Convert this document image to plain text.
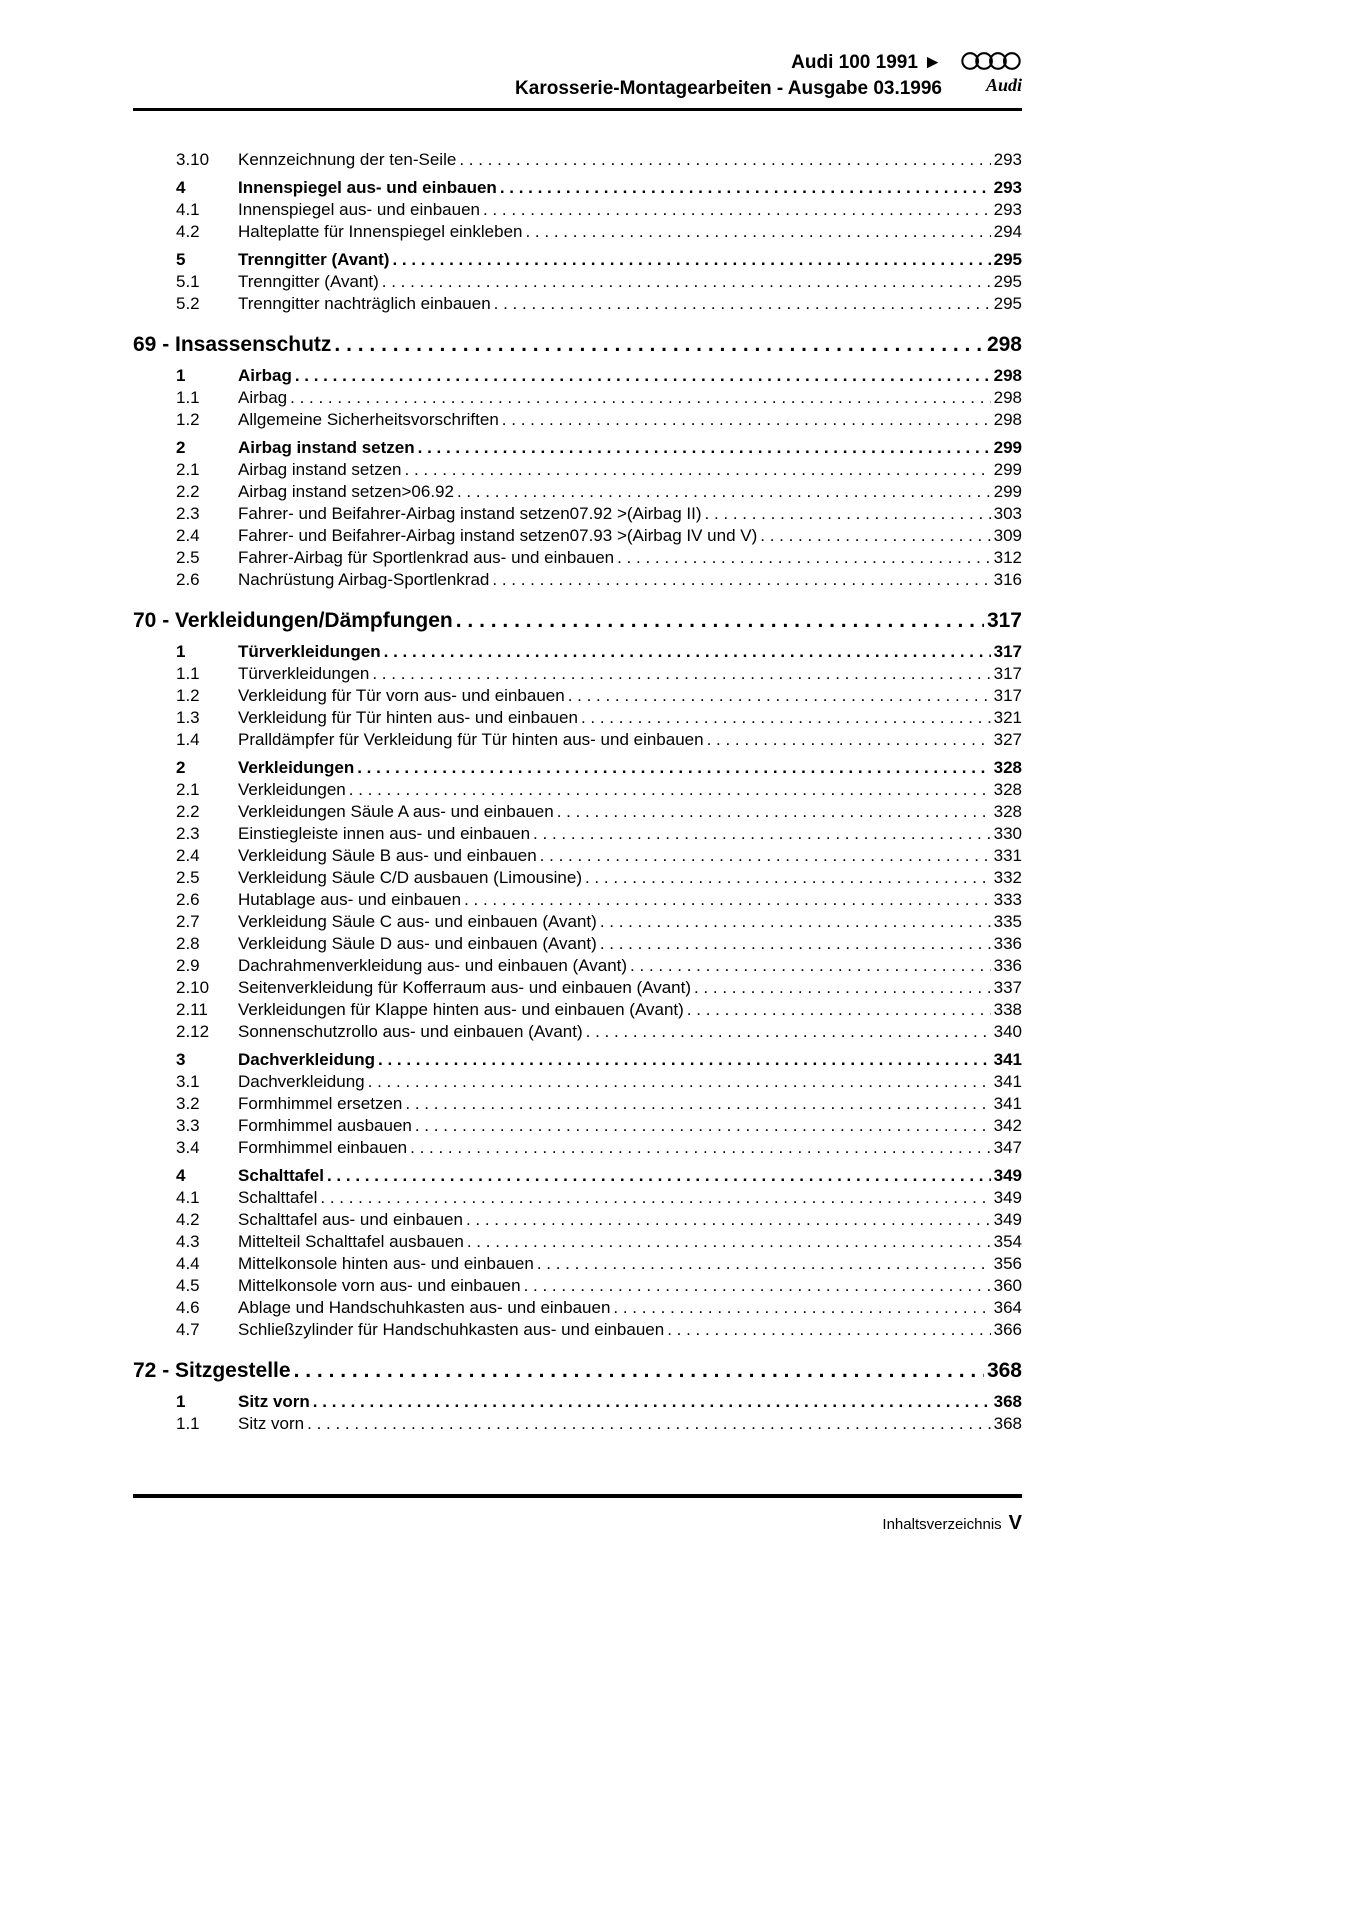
Audi 100 1991 ►
Karosserie-Montagearbeiten - Ausgabe 03.1996 Audi
3.10	Kennzeichnung der ten-Seile . . .	293
4	Innenspiegel aus- und einbauen . . .	293
4.1	Innenspiegel aus- und einbauen . . .	293
4.2	Halteplatte für Innenspiegel einkleben . . .	294
5	Trenngitter (Avant) . . .	295
5.1	Trenngitter (Avant) . . .	295
5.2	Trenngitter nachträglich einbauen . . .	295
69 - Insassenschutz . . .	298
1	Airbag . . .	298
1.1	Airbag . . .	298
1.2	Allgemeine Sicherheitsvorschriften . . .	298
2	Airbag instand setzen . . .	299
2.1	Airbag instand setzen . . .	299
2.2	Airbag instand setzen>06.92 . . .	299
2.3	Fahrer- und Beifahrer-Airbag instand setzen07.92 >(Airbag II) . . .	303
2.4	Fahrer- und Beifahrer-Airbag instand setzen07.93 >(Airbag IV und V) . . .	309
2.5	Fahrer-Airbag für Sportlenkrad aus- und einbauen . . .	312
2.6	Nachrüstung Airbag-Sportlenkrad . . .	316
70 - Verkleidungen/Dämpfungen . . .	317
1	Türverkleidungen . . .	317
1.1	Türverkleidungen . . .	317
1.2	Verkleidung für Tür vorn aus- und einbauen . . .	317
1.3	Verkleidung für Tür hinten aus- und einbauen . . .	321
1.4	Pralldämpfer für Verkleidung für Tür hinten aus- und einbauen . . .	327
2	Verkleidungen . . .	328
2.1	Verkleidungen . . .	328
2.2	Verkleidungen Säule A aus- und einbauen . . .	328
2.3	Einstiegleiste innen aus- und einbauen . . .	330
2.4	Verkleidung Säule B aus- und einbauen . . .	331
2.5	Verkleidung Säule C/D ausbauen (Limousine) . . .	332
2.6	Hutablage aus- und einbauen . . .	333
2.7	Verkleidung Säule C aus- und einbauen (Avant) . . .	335
2.8	Verkleidung Säule D aus- und einbauen (Avant) . . .	336
2.9	Dachrahmenverkleidung aus- und einbauen (Avant) . . .	336
2.10	Seitenverkleidung für Kofferraum aus- und einbauen (Avant) . . .	337
2.11	Verkleidungen für Klappe hinten aus- und einbauen (Avant) . . .	338
2.12	Sonnenschutzrollo aus- und einbauen (Avant) . . .	340
3	Dachverkleidung . . .	341
3.1	Dachverkleidung . . .	341
3.2	Formhimmel ersetzen . . .	341
3.3	Formhimmel ausbauen . . .	342
3.4	Formhimmel einbauen . . .	347
4	Schalttafel . . .	349
4.1	Schalttafel . . .	349
4.2	Schalttafel aus- und einbauen . . .	349
4.3	Mittelteil Schalttafel ausbauen . . .	354
4.4	Mittelkonsole hinten aus- und einbauen . . .	356
4.5	Mittelkonsole vorn aus- und einbauen . . .	360
4.6	Ablage und Handschuhkasten aus- und einbauen . . .	364
4.7	Schließzylinder für Handschuhkasten aus- und einbauen . . .	366
72 - Sitzgestelle . . .	368
1	Sitz vorn . . .	368
1.1	Sitz vorn . . .	368
Inhaltsverzeichnis V
